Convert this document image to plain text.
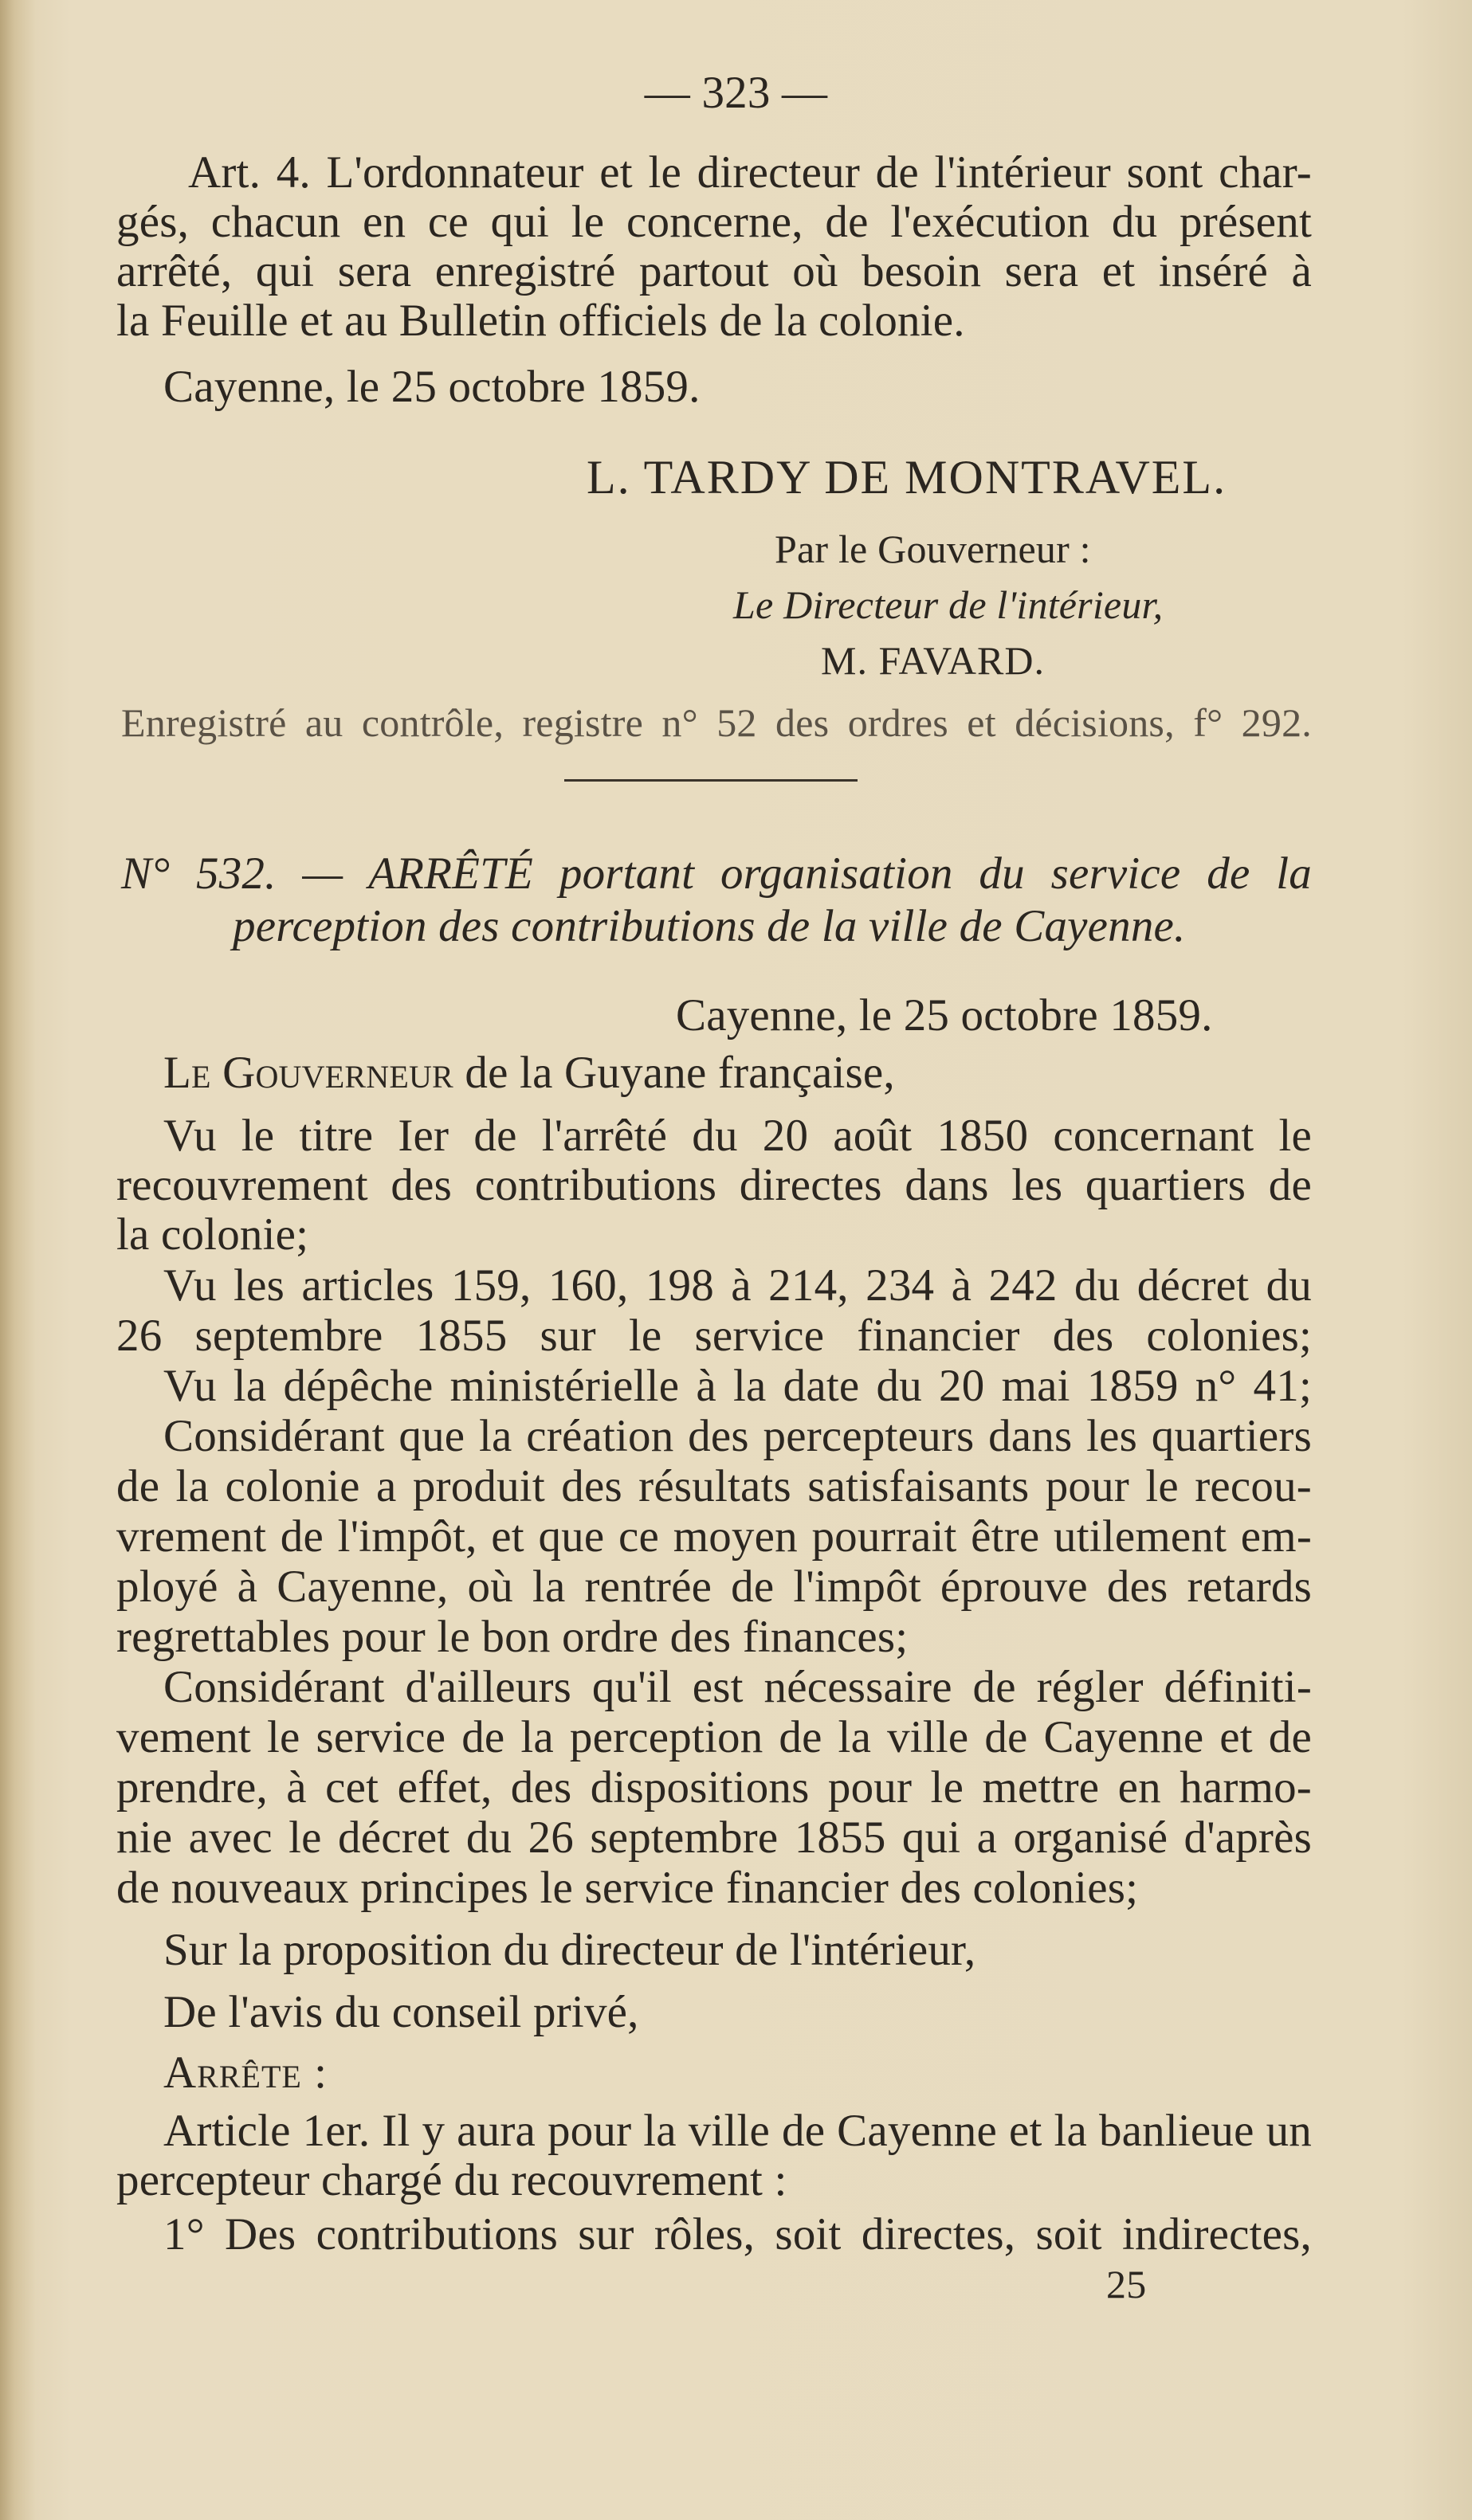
— 323 —
Art. 4. L'ordonnateur et le directeur de l'intérieur sont char-
gés, chacun en ce qui le concerne, de l'exécution du présent
arrêté, qui sera enregistré partout où besoin sera et inséré à
la Feuille et au Bulletin officiels de la colonie.
Cayenne, le 25 octobre 1859.
L. TARDY DE MONTRAVEL.
Par le Gouverneur :
Le Directeur de l'intérieur,
M. FAVARD.
Enregistré au contrôle, registre n° 52 des ordres et décisions, f° 292.
N° 532. — ARRÊTÉ portant organisation du service de la
perception des contributions de la ville de Cayenne.
Cayenne, le 25 octobre 1859.
Le Gouverneur de la Guyane française,
Vu le titre Ier de l'arrêté du 20 août 1850 concernant le
recouvrement des contributions directes dans les quartiers de
la colonie;
Vu les articles 159, 160, 198 à 214, 234 à 242 du décret du
26 septembre 1855 sur le service financier des colonies;
Vu la dépêche ministérielle à la date du 20 mai 1859 n° 41;
Considérant que la création des percepteurs dans les quartiers
de la colonie a produit des résultats satisfaisants pour le recou-
vrement de l'impôt, et que ce moyen pourrait être utilement em-
ployé à Cayenne, où la rentrée de l'impôt éprouve des retards
regrettables pour le bon ordre des finances;
Considérant d'ailleurs qu'il est nécessaire de régler définiti-
vement le service de la perception de la ville de Cayenne et de
prendre, à cet effet, des dispositions pour le mettre en harmo-
nie avec le décret du 26 septembre 1855 qui a organisé d'après
de nouveaux principes le service financier des colonies;
Sur la proposition du directeur de l'intérieur,
De l'avis du conseil privé,
Arrête :
Article 1er. Il y aura pour la ville de Cayenne et la banlieue un
percepteur chargé du recouvrement :
1° Des contributions sur rôles, soit directes, soit indirectes,
25
